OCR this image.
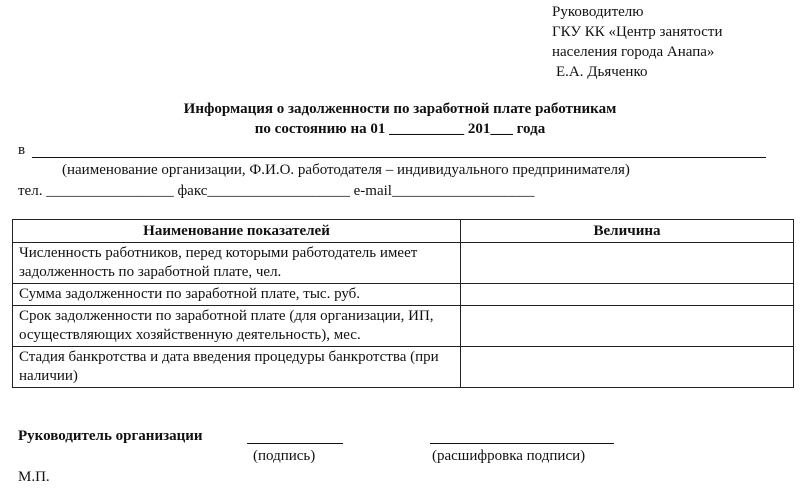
Руководителю
ГКУ КК «Центр занятости
населения города Анапа»
Е.А. Дьяченко
Информация о задолженности по заработной плате работникам
по состоянию на 01 __________ 201___ года
в
(наименование организации, Ф.И.О. работодателя – индивидуального предпринимателя)
тел. _________________ факс___________________ e-mail___________________
Наименование показателей	Величина
Численность работников, перед которыми работодатель имеет задолженность по заработной плате, чел.	
Сумма задолженности по заработной плате, тыс. руб.	
Срок задолженности по заработной плате (для организации, ИП, осуществляющих хозяйственную деятельность), мес.	
Стадия банкротства и дата введения процедуры банкротства (при наличии)	
Руководитель организации
(подпись)	(расшифровка подписи)
М.П.
